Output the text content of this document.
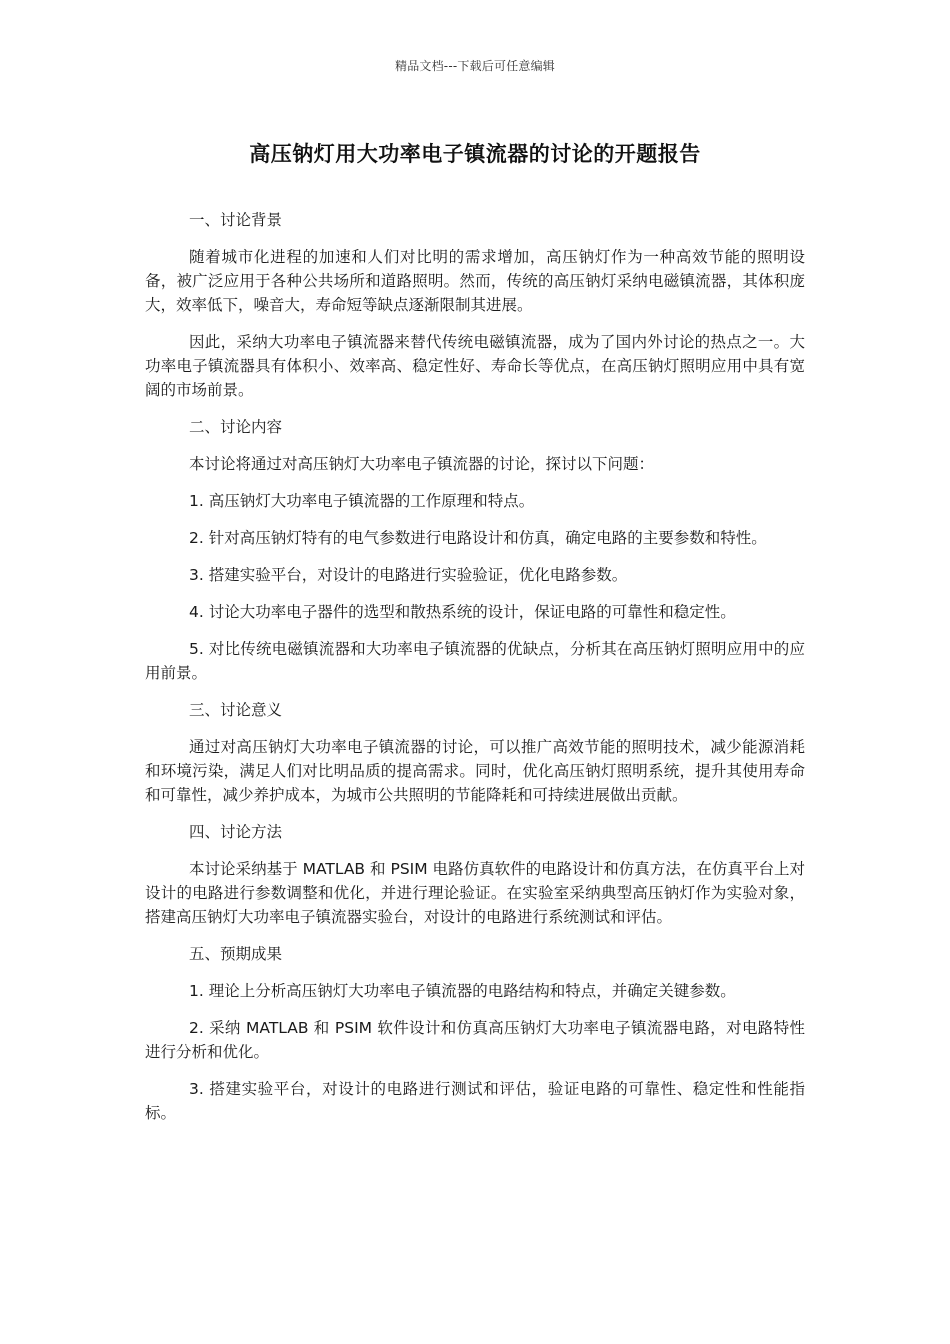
精品文档---下载后可任意编辑
高压钠灯用大功率电子镇流器的讨论的开题报告

一、讨论背景

随着城市化进程的加速和人们对比明的需求增加，高压钠灯作为一种高效节能的照明设备，被广泛应用于各种公共场所和道路照明。然而，传统的高压钠灯采纳电磁镇流器，其体积庞大，效率低下，噪音大，寿命短等缺点逐渐限制其进展。

因此，采纳大功率电子镇流器来替代传统电磁镇流器，成为了国内外讨论的热点之一。大功率电子镇流器具有体积小、效率高、稳定性好、寿命长等优点，在高压钠灯照明应用中具有宽阔的市场前景。

二、讨论内容

本讨论将通过对高压钠灯大功率电子镇流器的讨论，探讨以下问题：

1. 高压钠灯大功率电子镇流器的工作原理和特点。

2. 针对高压钠灯特有的电气参数进行电路设计和仿真，确定电路的主要参数和特性。

3. 搭建实验平台，对设计的电路进行实验验证，优化电路参数。

4. 讨论大功率电子器件的选型和散热系统的设计，保证电路的可靠性和稳定性。

5. 对比传统电磁镇流器和大功率电子镇流器的优缺点，分析其在高压钠灯照明应用中的应用前景。

三、讨论意义

通过对高压钠灯大功率电子镇流器的讨论，可以推广高效节能的照明技术，减少能源消耗和环境污染，满足人们对比明品质的提高需求。同时，优化高压钠灯照明系统，提升其使用寿命和可靠性，减少养护成本，为城市公共照明的节能降耗和可持续进展做出贡献。

四、讨论方法

本讨论采纳基于 MATLAB 和 PSIM 电路仿真软件的电路设计和仿真方法，在仿真平台上对设计的电路进行参数调整和优化，并进行理论验证。在实验室采纳典型高压钠灯作为实验对象，搭建高压钠灯大功率电子镇流器实验台，对设计的电路进行系统测试和评估。

五、预期成果

1. 理论上分析高压钠灯大功率电子镇流器的电路结构和特点，并确定关键参数。

2. 采纳 MATLAB 和 PSIM 软件设计和仿真高压钠灯大功率电子镇流器电路，对电路特性进行分析和优化。

3. 搭建实验平台，对设计的电路进行测试和评估，验证电路的可靠性、稳定性和性能指标。
